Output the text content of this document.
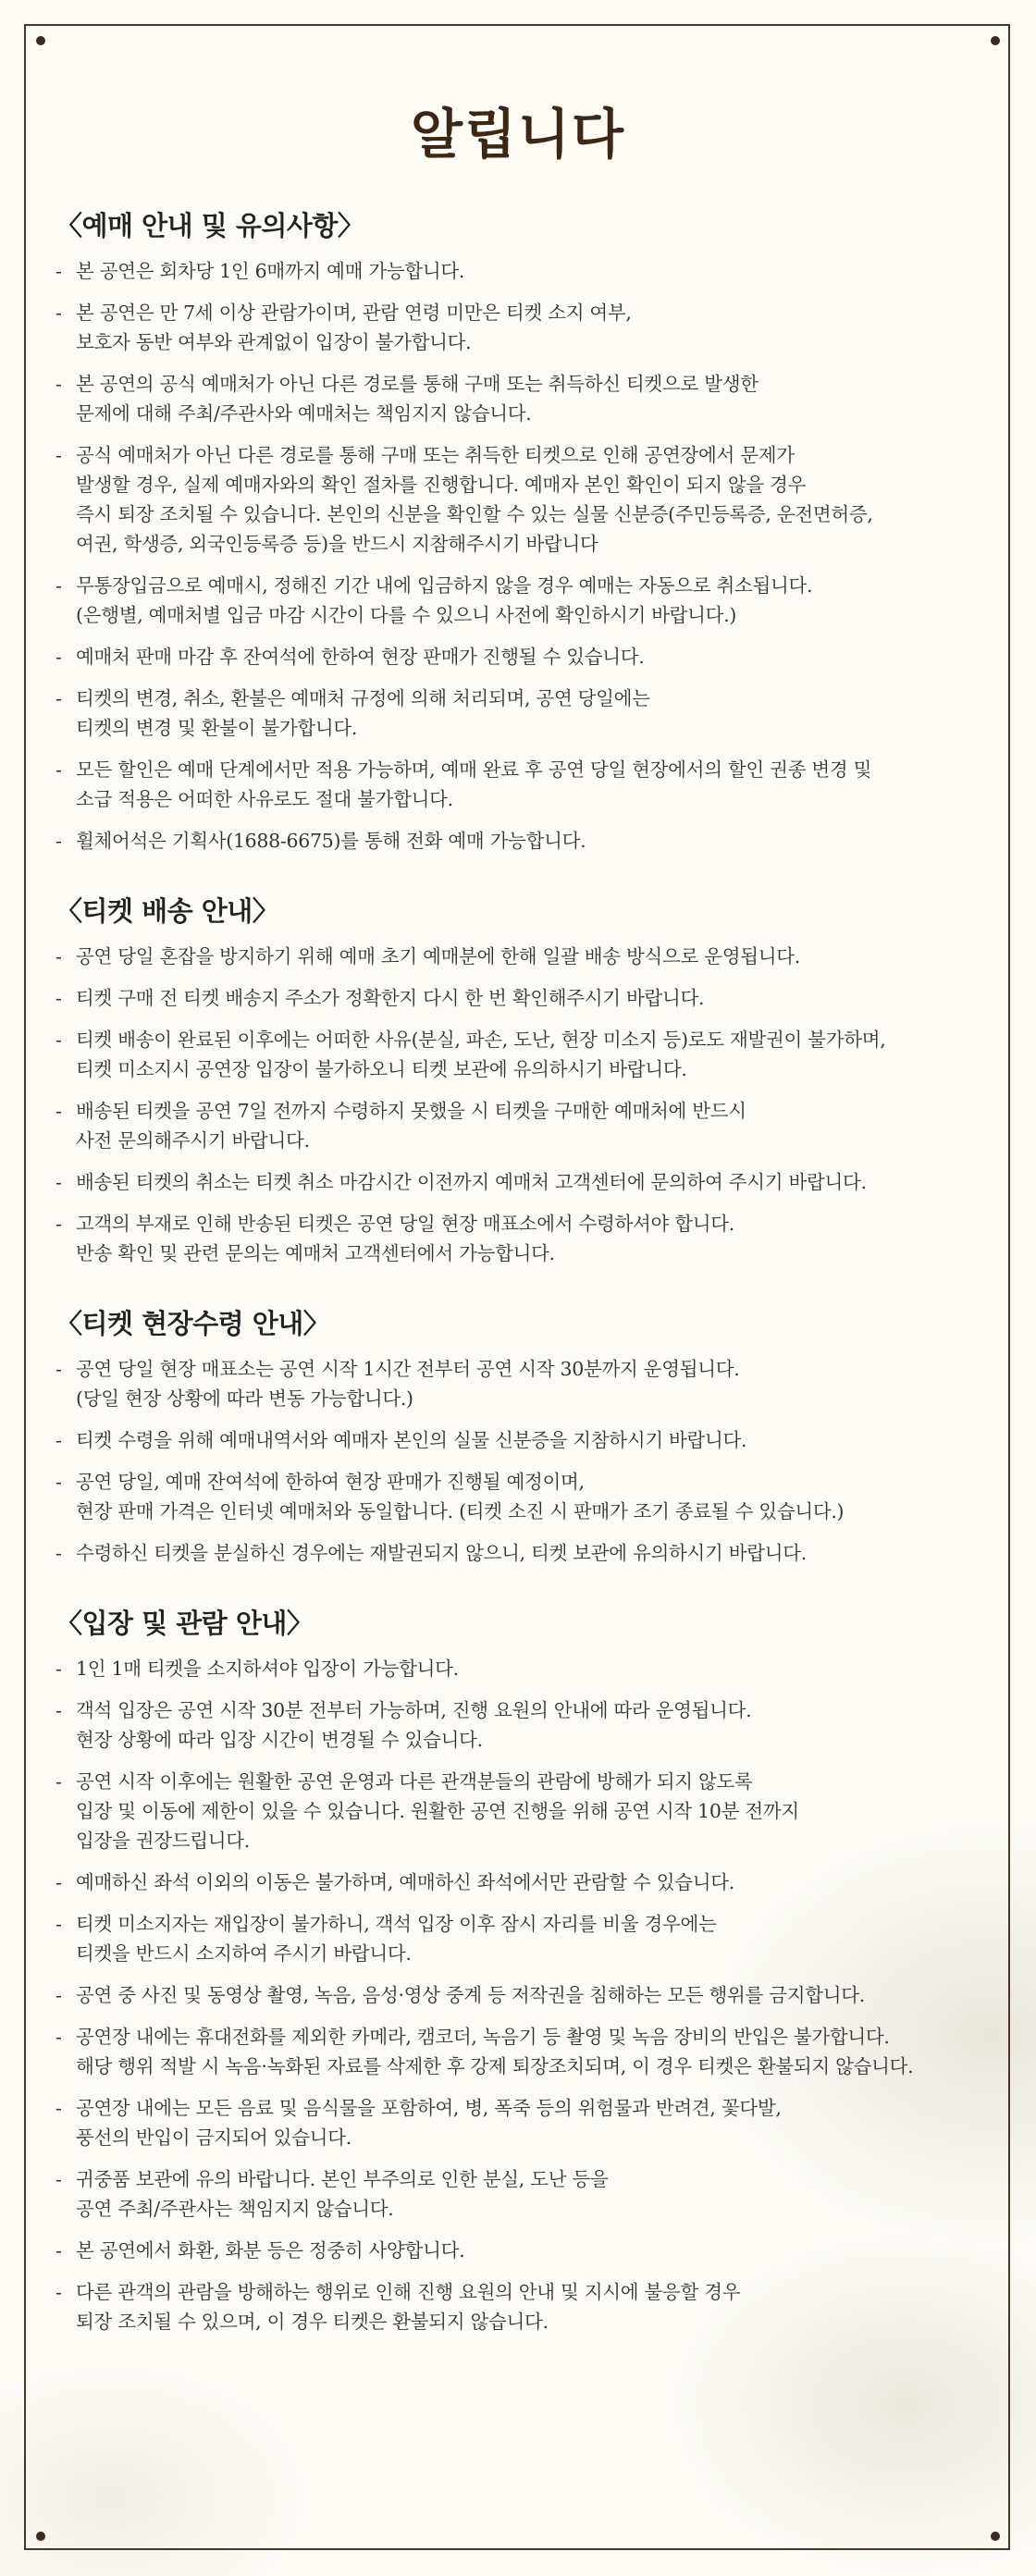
알립니다
〈예매 안내 및 유의사항〉
- 본 공연은 회차당 1인 6매까지 예매 가능합니다.
- 본 공연은 만 7세 이상 관람가이며, 관람 연령 미만은 티켓 소지 여부,
보호자 동반 여부와 관계없이 입장이 불가합니다.
- 본 공연의 공식 예매처가 아닌 다른 경로를 통해 구매 또는 취득하신 티켓으로 발생한
문제에 대해 주최/주관사와 예매처는 책임지지 않습니다.
- 공식 예매처가 아닌 다른 경로를 통해 구매 또는 취득한 티켓으로 인해 공연장에서 문제가
발생할 경우, 실제 예매자와의 확인 절차를 진행합니다. 예매자 본인 확인이 되지 않을 경우
즉시 퇴장 조치될 수 있습니다. 본인의 신분을 확인할 수 있는 실물 신분증(주민등록증, 운전면허증,
여권, 학생증, 외국인등록증 등)을 반드시 지참해주시기 바랍니다
- 무통장입금으로 예매시, 정해진 기간 내에 입금하지 않을 경우 예매는 자동으로 취소됩니다.
(은행별, 예매처별 입금 마감 시간이 다를 수 있으니 사전에 확인하시기 바랍니다.)
- 예매처 판매 마감 후 잔여석에 한하여 현장 판매가 진행될 수 있습니다.
- 티켓의 변경, 취소, 환불은 예매처 규정에 의해 처리되며, 공연 당일에는
티켓의 변경 및 환불이 불가합니다.
- 모든 할인은 예매 단계에서만 적용 가능하며, 예매 완료 후 공연 당일 현장에서의 할인 권종 변경 및
소급 적용은 어떠한 사유로도 절대 불가합니다.
- 휠체어석은 기획사(1688-6675)를 통해 전화 예매 가능합니다.
〈티켓 배송 안내〉
- 공연 당일 혼잡을 방지하기 위해 예매 초기 예매분에 한해 일괄 배송 방식으로 운영됩니다.
- 티켓 구매 전 티켓 배송지 주소가 정확한지 다시 한 번 확인해주시기 바랍니다.
- 티켓 배송이 완료된 이후에는 어떠한 사유(분실, 파손, 도난, 현장 미소지 등)로도 재발권이 불가하며,
티켓 미소지시 공연장 입장이 불가하오니 티켓 보관에 유의하시기 바랍니다.
- 배송된 티켓을 공연 7일 전까지 수령하지 못했을 시 티켓을 구매한 예매처에 반드시
사전 문의해주시기 바랍니다.
- 배송된 티켓의 취소는 티켓 취소 마감시간 이전까지 예매처 고객센터에 문의하여 주시기 바랍니다.
- 고객의 부재로 인해 반송된 티켓은 공연 당일 현장 매표소에서 수령하셔야 합니다.
반송 확인 및 관련 문의는 예매처 고객센터에서 가능합니다.
〈티켓 현장수령 안내〉
- 공연 당일 현장 매표소는 공연 시작 1시간 전부터 공연 시작 30분까지 운영됩니다.
(당일 현장 상황에 따라 변동 가능합니다.)
- 티켓 수령을 위해 예매내역서와 예매자 본인의 실물 신분증을 지참하시기 바랍니다.
- 공연 당일, 예매 잔여석에 한하여 현장 판매가 진행될 예정이며,
현장 판매 가격은 인터넷 예매처와 동일합니다. (티켓 소진 시 판매가 조기 종료될 수 있습니다.)
- 수령하신 티켓을 분실하신 경우에는 재발권되지 않으니, 티켓 보관에 유의하시기 바랍니다.
〈입장 및 관람 안내〉
- 1인 1매 티켓을 소지하셔야 입장이 가능합니다.
- 객석 입장은 공연 시작 30분 전부터 가능하며, 진행 요원의 안내에 따라 운영됩니다.
현장 상황에 따라 입장 시간이 변경될 수 있습니다.
- 공연 시작 이후에는 원활한 공연 운영과 다른 관객분들의 관람에 방해가 되지 않도록
입장 및 이동에 제한이 있을 수 있습니다. 원활한 공연 진행을 위해 공연 시작 10분 전까지
입장을 권장드립니다.
- 예매하신 좌석 이외의 이동은 불가하며, 예매하신 좌석에서만 관람할 수 있습니다.
- 티켓 미소지자는 재입장이 불가하니, 객석 입장 이후 잠시 자리를 비울 경우에는
티켓을 반드시 소지하여 주시기 바랍니다.
- 공연 중 사진 및 동영상 촬영, 녹음, 음성·영상 중계 등 저작권을 침해하는 모든 행위를 금지합니다.
- 공연장 내에는 휴대전화를 제외한 카메라, 캠코더, 녹음기 등 촬영 및 녹음 장비의 반입은 불가합니다.
해당 행위 적발 시 녹음·녹화된 자료를 삭제한 후 강제 퇴장조치되며, 이 경우 티켓은 환불되지 않습니다.
- 공연장 내에는 모든 음료 및 음식물을 포함하여, 병, 폭죽 등의 위험물과 반려견, 꽃다발,
풍선의 반입이 금지되어 있습니다.
- 귀중품 보관에 유의 바랍니다. 본인 부주의로 인한 분실, 도난 등을
공연 주최/주관사는 책임지지 않습니다.
- 본 공연에서 화환, 화분 등은 정중히 사양합니다.
- 다른 관객의 관람을 방해하는 행위로 인해 진행 요원의 안내 및 지시에 불응할 경우
퇴장 조치될 수 있으며, 이 경우 티켓은 환불되지 않습니다.
